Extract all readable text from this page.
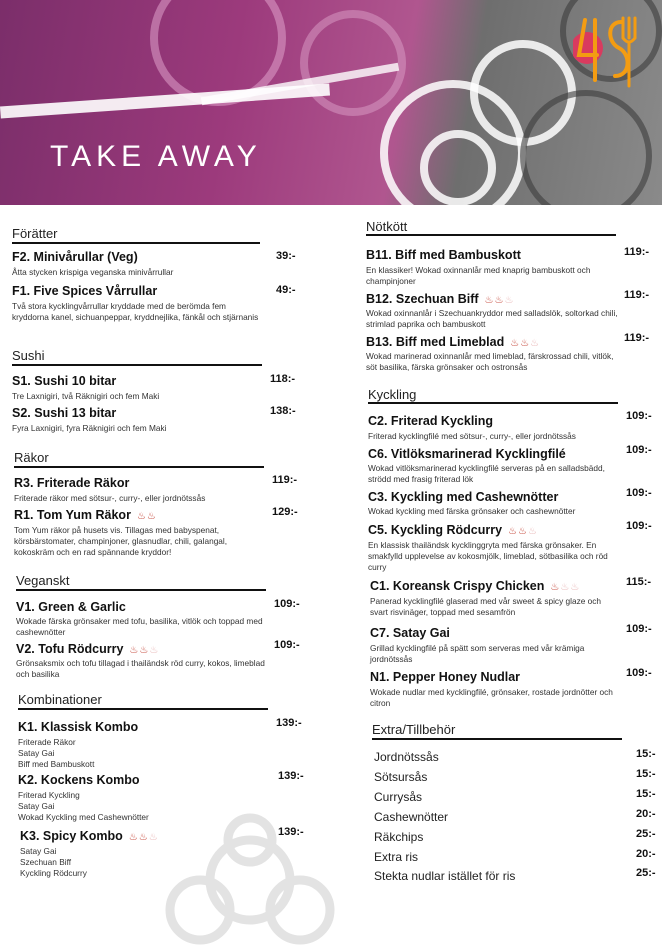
TAKE AWAY
Förätter
F2. Minivårullar (Veg)	39:-
Åtta stycken krispiga veganska minivårrullar
F1. Five Spices Vårrullar	49:-
Två stora kycklingvårrullar kryddade med de berömda fem kryddorna kanel, sichuanpeppar, kryddnejlika, fänkål och stjärnanis
Sushi
S1. Sushi 10 bitar	118:-
Tre Laxnigiri, två Räknigiri och fem Maki
S2. Sushi 13 bitar	138:-
Fyra Laxnigiri, fyra Räknigiri och fem Maki
Räkor
R3. Friterade Räkor	119:-
Friterade räkor med sötsur-, curry-, eller jordnötssås
R1. Tom Yum Räkor ♨♨	129:-
Tom Yum räkor på husets vis. Tillagas med babyspenat, körsbärstomater, champinjoner, glasnudlar, chili, galangal, kokoskräm och en rad spännande kryddor!
Veganskt
V1. Green & Garlic	109:-
Wokade färska grönsaker med tofu, basilika, vitlök och toppad med cashewnötter
V2. Tofu Rödcurry ♨♨♨	109:-
Grönsaksmix och tofu tillagad i thailändsk röd curry, kokos, limeblad och basilika
Kombinationer
K1. Klassisk Kombo	139:-
Friterade Räkor
Satay Gai
Biff med Bambuskott
K2. Kockens Kombo	139:-
Friterad Kyckling
Satay Gai
Wokad Kyckling med Cashewnötter
K3. Spicy Kombo ♨♨♨	139:-
Satay Gai
Szechuan Biff
Kyckling Rödcurry
Nötkött
B11. Biff med Bambuskott	119:-
En klassiker! Wokad oxinnanlår med knaprig bambuskott och champinjoner
B12. Szechuan Biff ♨♨♨	119:-
Wokad oxinnanlår i Szechuankryddor med salladslök, soltorkad chili, strimlad paprika och bambuskott
B13. Biff med Limeblad ♨♨♨	119:-
Wokad marinerad oxinnanlår med limeblad, färskrossad chili, vitlök, söt basilika, färska grönsaker och ostronsås
Kyckling
C2. Friterad Kyckling	109:-
Friterad kycklingfilé med sötsur-, curry-, eller jordnötssås
C6. Vitlöksmarinerad Kycklingfilé	109:-
Wokad vitlöksmarinerad kycklingfilé serveras på en salladsbädd, strödd med frasig friterad lök
C3. Kyckling med Cashewnötter	109:-
Wokad kyckling med färska grönsaker och cashewnötter
C5. Kyckling Rödcurry ♨♨♨	109:-
En klassisk thailändsk kycklinggryta med färska grönsaker. En smakfylld upplevelse av kokosmjölk, limeblad, sötbasilika och röd curry
C1. Koreansk Crispy Chicken ♨♨♨	115:-
Panerad kycklingfilé glaserad med vår sweet & spicy glaze och svart risvinäger, toppad med sesamfrön
C7. Satay Gai	109:-
Grillad kycklingfilé på spätt som serveras med vår krämiga jordnötssås
N1. Pepper Honey Nudlar	109:-
Wokade nudlar med kycklingfilé, grönsaker, rostade jordnötter och citron
Extra/Tillbehör
Jordnötssås	15:-
Sötsursås	15:-
Currysås	15:-
Cashewnötter	20:-
Räkchips	25:-
Extra ris	20:-
Stekta nudlar istället för ris	25:-
